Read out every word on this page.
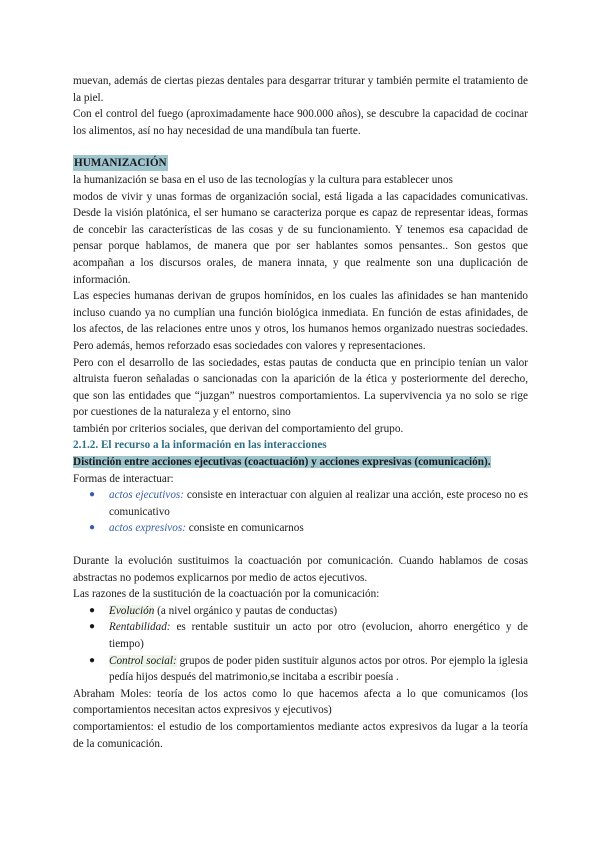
muevan, además de ciertas piezas dentales para desgarrar triturar y también permite el tratamiento de la piel.

Con el control del fuego (aproximadamente hace 900.000 años), se descubre la capacidad de cocinar los alimentos, así no hay necesidad de una mandíbula tan fuerte.

HUMANIZACIÓN

la humanización se basa en el uso de las tecnologías y la cultura para establecer unos

modos de vivir y unas formas de organización social, está ligada a las capacidades comunicativas. Desde la visión platónica, el ser humano se caracteriza porque es capaz de representar ideas, formas de concebir las características de las cosas y de su funcionamiento. Y tenemos esa capacidad de pensar porque hablamos, de manera que por ser hablantes somos pensantes.. Son gestos que acompañan a los discursos orales, de manera innata, y que realmente son una duplicación de información.

Las especies humanas derivan de grupos homínidos, en los cuales las afinidades se han mantenido incluso cuando ya no cumplían una función biológica inmediata. En función de estas afinidades, de los afectos, de las relaciones entre unos y otros, los humanos hemos organizado nuestras sociedades. Pero además, hemos reforzado esas sociedades con valores y representaciones.

Pero con el desarrollo de las sociedades, estas pautas de conducta que en principio tenían un valor altruista fueron señaladas o sancionadas con la aparición de la ética y posteriormente del derecho, que son las entidades que “juzgan” nuestros comportamientos. La supervivencia ya no solo se rige por cuestiones de la naturaleza y el entorno, sino

también por criterios sociales, que derivan del comportamiento del grupo.

2.1.2. El recurso a la información en las interacciones

Distinción entre acciones ejecutivas (coactuación) y acciones expresivas (comunicación).

Formas de interactuar:

● actos ejecutivos: consiste en interactuar con alguien al realizar una acción, este proceso no es comunicativo
● actos expresivos: consiste en comunicarnos

Durante la evolución sustituimos la coactuación por comunicación. Cuando hablamos de cosas abstractas no podemos explicarnos por medio de actos ejecutivos.

Las razones de la sustitución de la coactuación por la comunicación:

● Evolución (a nivel orgánico y pautas de conductas)
● Rentabilidad: es rentable sustituir un acto por otro (evolucion, ahorro energético y de tiempo)
● Control social: grupos de poder piden sustituir algunos actos por otros. Por ejemplo la iglesia pedía hijos después del matrimonio,se incitaba a escribir poesía .

Abraham Moles: teoría de los actos como lo que hacemos afecta a lo que comunicamos (los comportamientos necesitan actos expresivos y ejecutivos)

comportamientos: el estudio de los comportamientos mediante actos expresivos da lugar a la teoría de la comunicación.
